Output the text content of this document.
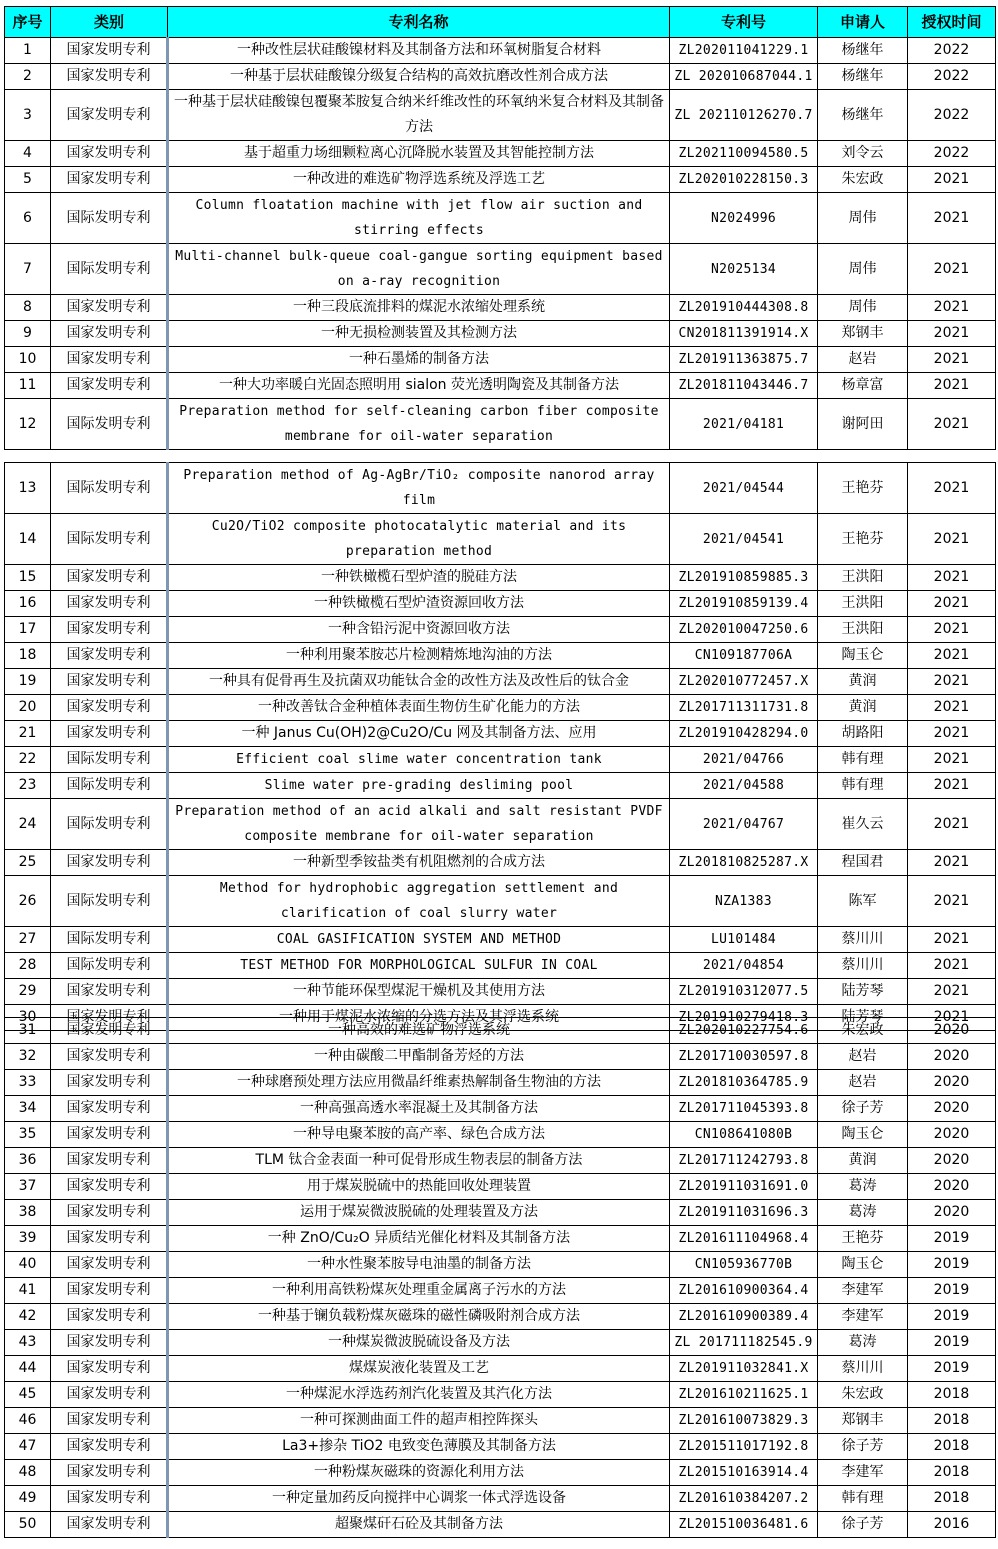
序号	类别	专利名称	专利号	申请人	授权时间
1	国家发明专利	一种改性层状硅酸镍材料及其制备方法和环氧树脂复合材料	ZL202011041229.1	杨继年	2022
2	国家发明专利	一种基于层状硅酸镍分级复合结构的高效抗磨改性剂合成方法	ZL 202010687044.1	杨继年	2022
3	国家发明专利	一种基于层状硅酸镍包覆聚苯胺复合纳米纤维改性的环氧纳米复合材料及其制备方法	ZL 202110126270.7	杨继年	2022
4	国家发明专利	基于超重力场细颗粒离心沉降脱水装置及其智能控制方法	ZL202110094580.5	刘令云	2022
5	国家发明专利	一种改进的难选矿物浮选系统及浮选工艺	ZL202010228150.3	朱宏政	2021
6	国际发明专利	Column floatation machine with jet flow air suction and stirring effects	N2024996	周伟	2021
7	国际发明专利	Multi-channel bulk-queue coal-gangue sorting equipment based on a-ray recognition	N2025134	周伟	2021
8	国家发明专利	一种三段底流排料的煤泥水浓缩处理系统	ZL201910444308.8	周伟	2021
9	国家发明专利	一种无损检测装置及其检测方法	CN201811391914.X	郑钢丰	2021
10	国家发明专利	一种石墨烯的制备方法	ZL201911363875.7	赵岩	2021
11	国家发明专利	一种大功率暖白光固态照明用 sialon 荧光透明陶瓷及其制备方法	ZL201811043446.7	杨章富	2021
12	国际发明专利	Preparation method for self-cleaning carbon fiber composite membrane for oil-water separation	2021/04181	谢阿田	2021
13	国际发明专利	Preparation method of Ag-AgBr/TiO₂ composite nanorod array film	2021/04544	王艳芬	2021
14	国际发明专利	Cu2O/TiO2 composite photocatalytic material and its preparation method	2021/04541	王艳芬	2021
15	国家发明专利	一种铁橄榄石型炉渣的脱硅方法	ZL201910859885.3	王洪阳	2021
16	国家发明专利	一种铁橄榄石型炉渣资源回收方法	ZL201910859139.4	王洪阳	2021
17	国家发明专利	一种含铅污泥中资源回收方法	ZL202010047250.6	王洪阳	2021
18	国家发明专利	一种利用聚苯胺芯片检测精炼地沟油的方法	CN109187706A	陶玉仑	2021
19	国家发明专利	一种具有促骨再生及抗菌双功能钛合金的改性方法及改性后的钛合金	ZL202010772457.X	黄润	2021
20	国家发明专利	一种改善钛合金种植体表面生物仿生矿化能力的方法	ZL201711311731.8	黄润	2021
21	国家发明专利	一种 Janus Cu(OH)2@Cu2O/Cu 网及其制备方法、应用	ZL201910428294.0	胡路阳	2021
22	国际发明专利	Efficient coal slime water concentration tank	2021/04766	韩有理	2021
23	国际发明专利	Slime water pre-grading desliming pool	2021/04588	韩有理	2021
24	国际发明专利	Preparation method of an acid alkali and salt resistant PVDF composite membrane for oil-water separation	2021/04767	崔久云	2021
25	国家发明专利	一种新型季铵盐类有机阻燃剂的合成方法	ZL201810825287.X	程国君	2021
26	国际发明专利	Method for hydrophobic aggregation settlement and clarification of coal slurry water	NZA1383	陈军	2021
27	国际发明专利	COAL GASIFICATION SYSTEM AND METHOD	LU101484	蔡川川	2021
28	国际发明专利	TEST METHOD FOR MORPHOLOGICAL SULFUR IN COAL	2021/04854	蔡川川	2021
29	国家发明专利	一种节能环保型煤泥干燥机及其使用方法	ZL201910312077.5	陆芳琴	2021
30	国家发明专利	一种用于煤泥水浓缩的分选方法及其浮选系统	ZL201910279418.3	陆芳琴	2021
31	国家发明专利	一种高效的难选矿物浮选系统	ZL202010227754.6	朱宏政	2020
32	国家发明专利	一种由碳酸二甲酯制备芳烃的方法	ZL201710030597.8	赵岩	2020
33	国家发明专利	一种球磨预处理方法应用微晶纤维素热解制备生物油的方法	ZL201810364785.9	赵岩	2020
34	国家发明专利	一种高强高透水率混凝土及其制备方法	ZL201711045393.8	徐子芳	2020
35	国家发明专利	一种导电聚苯胺的高产率、绿色合成方法	CN108641080B	陶玉仑	2020
36	国家发明专利	TLM 钛合金表面一种可促骨形成生物表层的制备方法	ZL201711242793.8	黄润	2020
37	国家发明专利	用于煤炭脱硫中的热能回收处理装置	ZL201911031691.0	葛涛	2020
38	国家发明专利	运用于煤炭微波脱硫的处理装置及方法	ZL201911031696.3	葛涛	2020
39	国家发明专利	一种 ZnO/Cu₂O 异质结光催化材料及其制备方法	ZL201611104968.4	王艳芬	2019
40	国家发明专利	一种水性聚苯胺导电油墨的制备方法	CN105936770B	陶玉仑	2019
41	国家发明专利	一种利用高铁粉煤灰处理重金属离子污水的方法	ZL201610900364.4	李建军	2019
42	国家发明专利	一种基于镧负载粉煤灰磁珠的磁性磷吸附剂合成方法	ZL201610900389.4	李建军	2019
43	国家发明专利	一种煤炭微波脱硫设备及方法	ZL 201711182545.9	葛涛	2019
44	国家发明专利	煤煤炭液化装置及工艺	ZL201911032841.X	蔡川川	2019
45	国家发明专利	一种煤泥水浮选药剂汽化装置及其汽化方法	ZL201610211625.1	朱宏政	2018
46	国家发明专利	一种可探测曲面工件的超声相控阵探头	ZL201610073829.3	郑钢丰	2018
47	国家发明专利	La3+掺杂 TiO2 电致变色薄膜及其制备方法	ZL201511017192.8	徐子芳	2018
48	国家发明专利	一种粉煤灰磁珠的资源化利用方法	ZL201510163914.4	李建军	2018
49	国家发明专利	一种定量加药反向搅拌中心调浆一体式浮选设备	ZL201610384207.2	韩有理	2018
50	国家发明专利	超聚煤矸石砼及其制备方法	ZL201510036481.6	徐子芳	2016
